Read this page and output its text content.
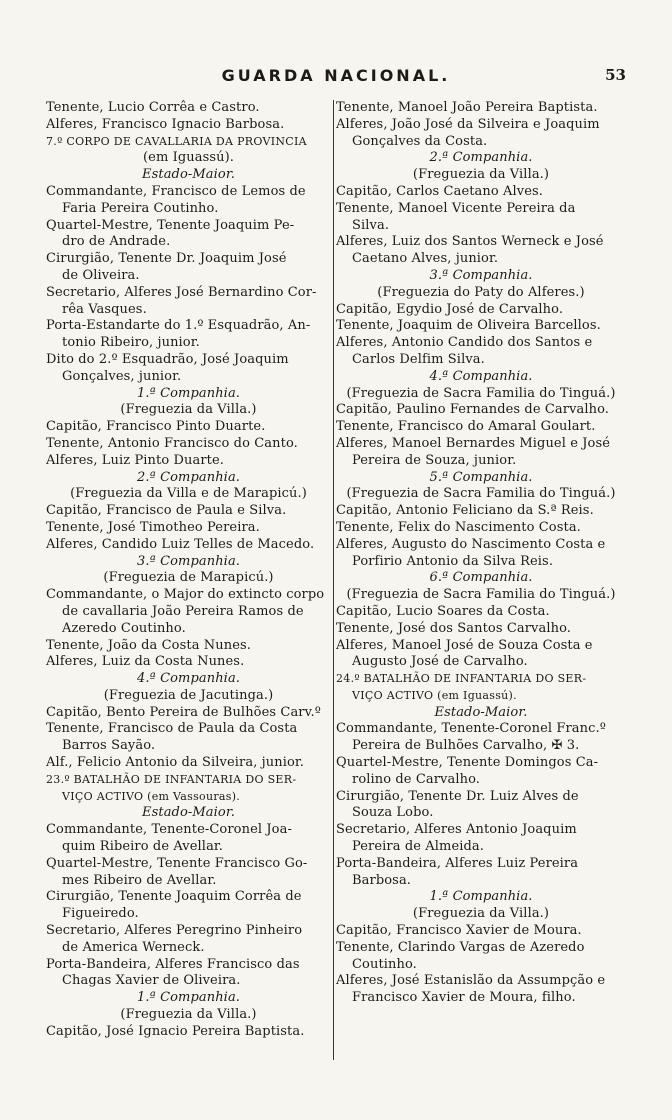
GUARDA NACIONAL.	53
Tenente, Lucio Corrêa e Castro.
Alferes, Francisco Ignacio Barbosa.
7.º CORPO DE CAVALLARIA DA PROVINCIA
(em Iguassú).
Estado-Maior.
Commandante, Francisco de Lemos de
Faria Pereira Coutinho.
Quartel-Mestre, Tenente Joaquim Pe-
dro de Andrade.
Cirurgião, Tenente Dr. Joaquim José
de Oliveira.
Secretario, Alferes José Bernardino Cor-
rêa Vasques.
Porta-Estandarte do 1.º Esquadrão, An-
tonio Ribeiro, junior.
Dito do 2.º Esquadrão, José Joaquim
Gonçalves, junior.
1.ª Companhia.
(Freguezia da Villa.)
Capitão, Francisco Pinto Duarte.
Tenente, Antonio Francisco do Canto.
Alferes, Luiz Pinto Duarte.
2.ª Companhia.
(Freguezia da Villa e de Marapicú.)
Capitão, Francisco de Paula e Silva.
Tenente, José Timotheo Pereira.
Alferes, Candido Luiz Telles de Macedo.
3.ª Companhia.
(Freguezia de Marapicú.)
Commandante, o Major do extincto corpo
de cavallaria João Pereira Ramos de
Azeredo Coutinho.
Tenente, João da Costa Nunes.
Alferes, Luiz da Costa Nunes.
4.ª Companhia.
(Freguezia de Jacutinga.)
Capitão, Bento Pereira de Bulhões Carv.º
Tenente, Francisco de Paula da Costa
Barros Sayão.
Alf., Felicio Antonio da Silveira, junior.
23.º BATALHÃO DE INFANTARIA DO SER-
VIÇO ACTIVO (em Vassouras).
Estado-Maior.
Commandante, Tenente-Coronel Joa-
quim Ribeiro de Avellar.
Quartel-Mestre, Tenente Francisco Go-
mes Ribeiro de Avellar.
Cirurgião, Tenente Joaquim Corrêa de
Figueiredo.
Secretario, Alferes Peregrino Pinheiro
de America Werneck.
Porta-Bandeira, Alferes Francisco das
Chagas Xavier de Oliveira.
1.ª Companhia.
(Freguezia da Villa.)
Capitão, José Ignacio Pereira Baptista.
Tenente, Manoel João Pereira Baptista.
Alferes, João José da Silveira e Joaquim
Gonçalves da Costa.
2.ª Companhia.
(Freguezia da Villa.)
Capitão, Carlos Caetano Alves.
Tenente, Manoel Vicente Pereira da
Silva.
Alferes, Luiz dos Santos Werneck e José
Caetano Alves, junior.
3.ª Companhia.
(Freguezia do Paty do Alferes.)
Capitão, Egydio José de Carvalho.
Tenente, Joaquim de Oliveira Barcellos.
Alferes, Antonio Candido dos Santos e
Carlos Delfim Silva.
4.ª Companhia.
(Freguezia de Sacra Familia do Tinguá.)
Capitão, Paulino Fernandes de Carvalho.
Tenente, Francisco do Amaral Goulart.
Alferes, Manoel Bernardes Miguel e José
Pereira de Souza, junior.
5.ª Companhia.
(Freguezia de Sacra Familia do Tinguá.)
Capitão, Antonio Feliciano da S.ª Reis.
Tenente, Felix do Nascimento Costa.
Alferes, Augusto do Nascimento Costa e
Porfirio Antonio da Silva Reis.
6.ª Companhia.
(Freguezia de Sacra Familia do Tinguá.)
Capitão, Lucio Soares da Costa.
Tenente, José dos Santos Carvalho.
Alferes, Manoel José de Souza Costa e
Augusto José de Carvalho.
24.º BATALHÃO DE INFANTARIA DO SER-
VIÇO ACTIVO (em Iguassú).
Estado-Maior.
Commandante, Tenente-Coronel Franc.º
Pereira de Bulhões Carvalho, ✠ 3.
Quartel-Mestre, Tenente Domingos Ca-
rolino de Carvalho.
Cirurgião, Tenente Dr. Luiz Alves de
Souza Lobo.
Secretario, Alferes Antonio Joaquim
Pereira de Almeida.
Porta-Bandeira, Alferes Luiz Pereira
Barbosa.
1.ª Companhia.
(Freguezia da Villa.)
Capitão, Francisco Xavier de Moura.
Tenente, Clarindo Vargas de Azeredo
Coutinho.
Alferes, José Estanislão da Assumpção e
Francisco Xavier de Moura, filho.
